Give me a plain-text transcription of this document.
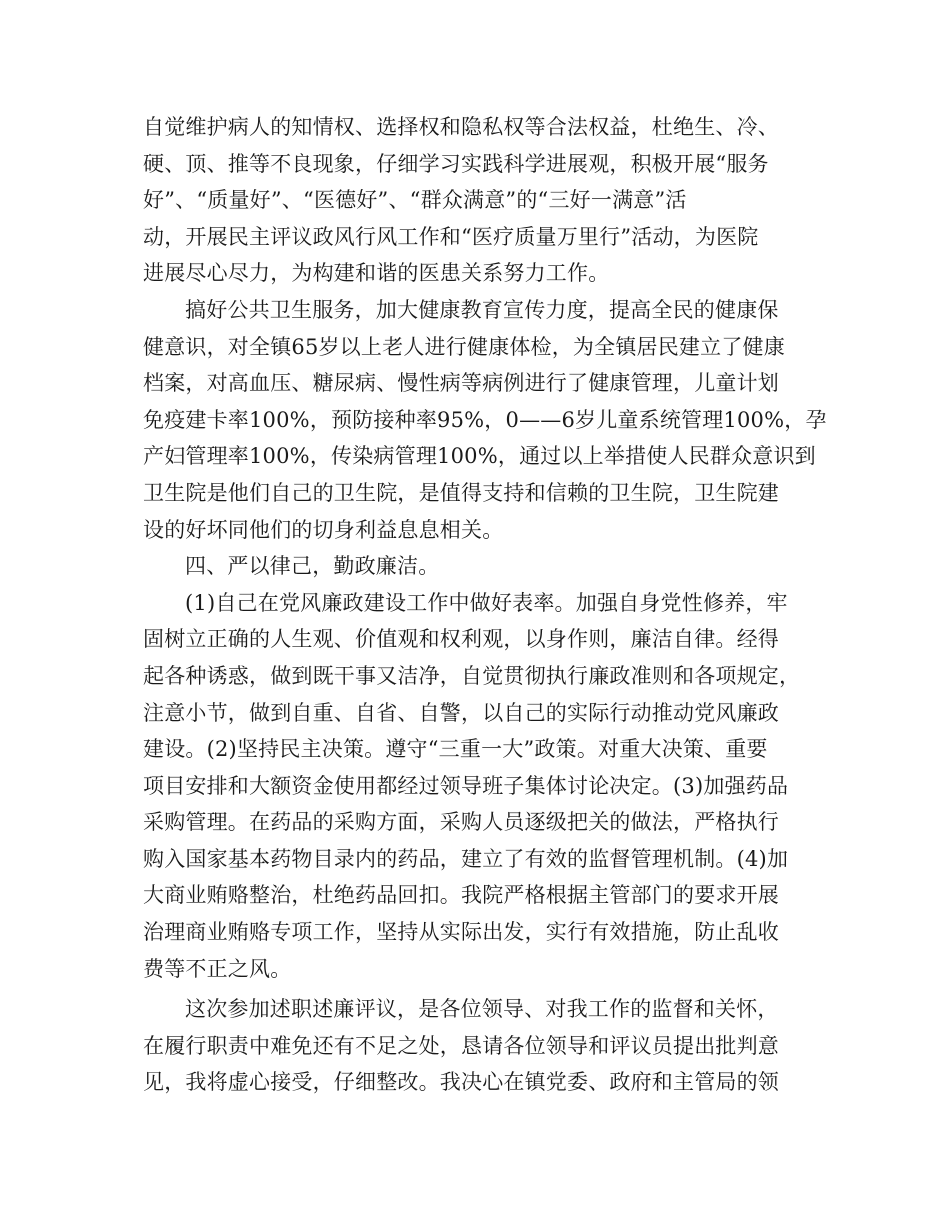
自觉维护病人的知情权、选择权和隐私权等合法权益，杜绝生、冷、
硬、顶、推等不良现象，仔细学习实践科学进展观，积极开展“服务
好”、“质量好”、“医德好”、“群众满意”的“三好一满意”活
动，开展民主评议政风行风工作和“医疗质量万里行”活动，为医院
进展尽心尽力，为构建和谐的医患关系努力工作。
搞好公共卫生服务，加大健康教育宣传力度，提高全民的健康保
健意识，对全镇65岁以上老人进行健康体检，为全镇居民建立了健康
档案，对高血压、糖尿病、慢性病等病例进行了健康管理，儿童计划
免疫建卡率100%，预防接种率95%，0——6岁儿童系统管理100%，孕
产妇管理率100%，传染病管理100%，通过以上举措使人民群众意识到
卫生院是他们自己的卫生院，是值得支持和信赖的卫生院，卫生院建
设的好坏同他们的切身利益息息相关。
四、严以律己，勤政廉洁。
(1)自己在党风廉政建设工作中做好表率。加强自身党性修养，牢
固树立正确的人生观、价值观和权利观，以身作则，廉洁自律。经得
起各种诱惑，做到既干事又洁净，自觉贯彻执行廉政准则和各项规定，
注意小节，做到自重、自省、自警，以自己的实际行动推动党风廉政
建设。(2)坚持民主决策。遵守“三重一大”政策。对重大决策、重要
项目安排和大额资金使用都经过领导班子集体讨论决定。(3)加强药品
采购管理。在药品的采购方面，采购人员逐级把关的做法，严格执行
购入国家基本药物目录内的药品，建立了有效的监督管理机制。(4)加
大商业贿赂整治，杜绝药品回扣。我院严格根据主管部门的要求开展
治理商业贿赂专项工作，坚持从实际出发，实行有效措施，防止乱收
费等不正之风。
这次参加述职述廉评议，是各位领导、对我工作的监督和关怀，
在履行职责中难免还有不足之处，恳请各位领导和评议员提出批判意
见，我将虚心接受，仔细整改。我决心在镇党委、政府和主管局的领
